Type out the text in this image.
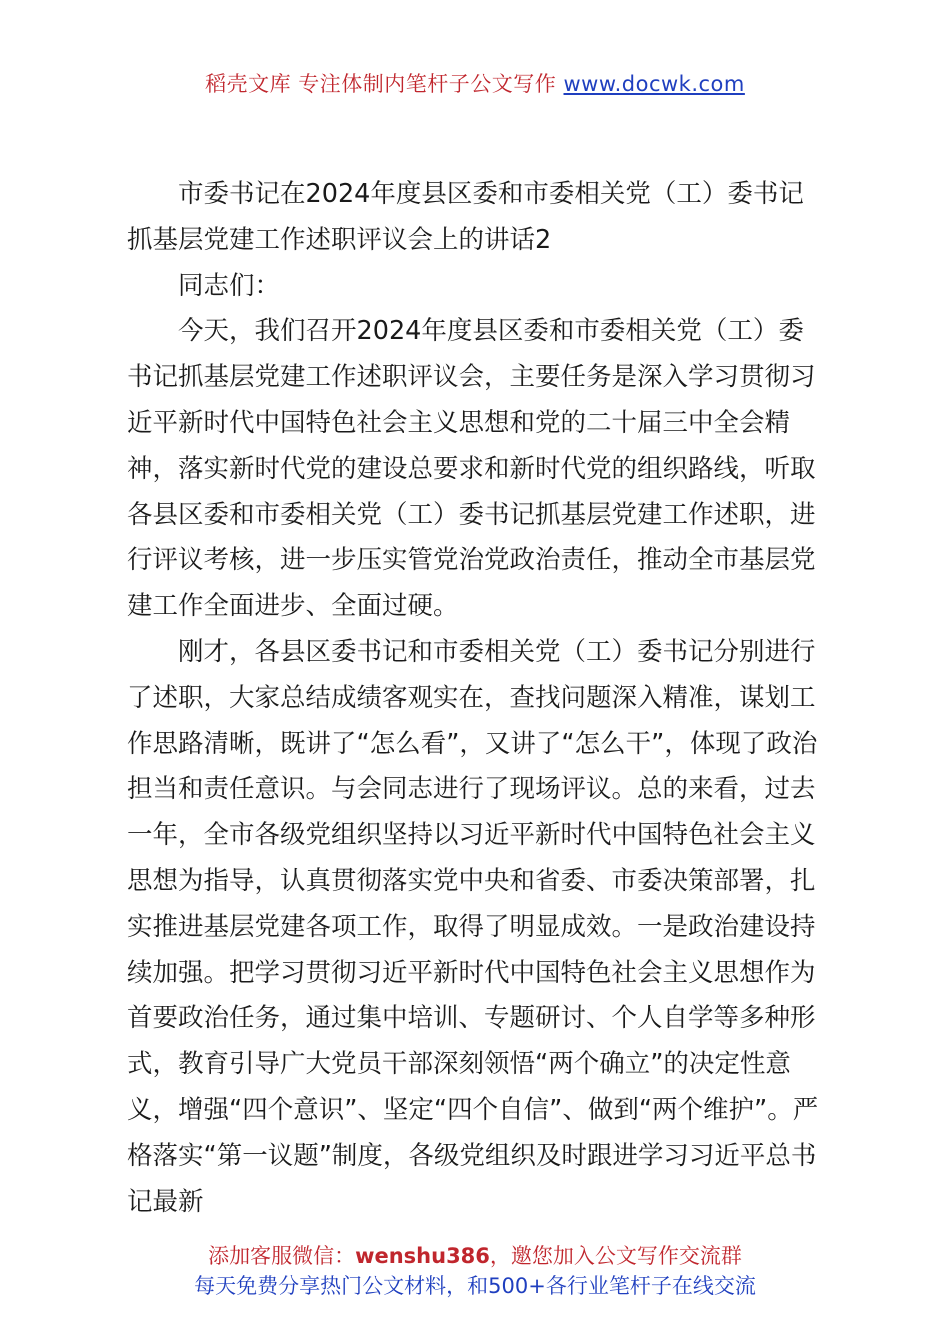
稻壳文库 专注体制内笔杆子公文写作 www.docwk.com

市委书记在2024年度县区委和市委相关党（工）委书记

抓基层党建工作述职评议会上的讲话2

同志们：

今天，我们召开2024年度县区委和市委相关党（工）委书记抓基层党建工作述职评议会，主要任务是深入学习贯彻习近平新时代中国特色社会主义思想和党的二十届三中全会精神，落实新时代党的建设总要求和新时代党的组织路线，听取各县区委和市委相关党（工）委书记抓基层党建工作述职，进行评议考核，进一步压实管党治党政治责任，推动全市基层党建工作全面进步、全面过硬。

刚才，各县区委书记和市委相关党（工）委书记分别进行了述职，大家总结成绩客观实在，查找问题深入精准，谋划工作思路清晰，既讲了“怎么看”，又讲了“怎么干”，体现了政治担当和责任意识。与会同志进行了现场评议。总的来看，过去一年，全市各级党组织坚持以习近平新时代中国特色社会主义思想为指导，认真贯彻落实党中央和省委、市委决策部署，扎实推进基层党建各项工作，取得了明显成效。一是政治建设持续加强。把学习贯彻习近平新时代中国特色社会主义思想作为首要政治任务，通过集中培训、专题研讨、个人自学等多种形式，教育引导广大党员干部深刻领悟“两个确立”的决定性意义，增强“四个意识”、坚定“四个自信”、做到“两个维护”。严格落实“第一议题”制度，各级党组织及时跟进学习习近平总书记最新

添加客服微信：wenshu386，邀您加入公文写作交流群
每天免费分享热门公文材料，和500+各行业笔杆子在线交流
